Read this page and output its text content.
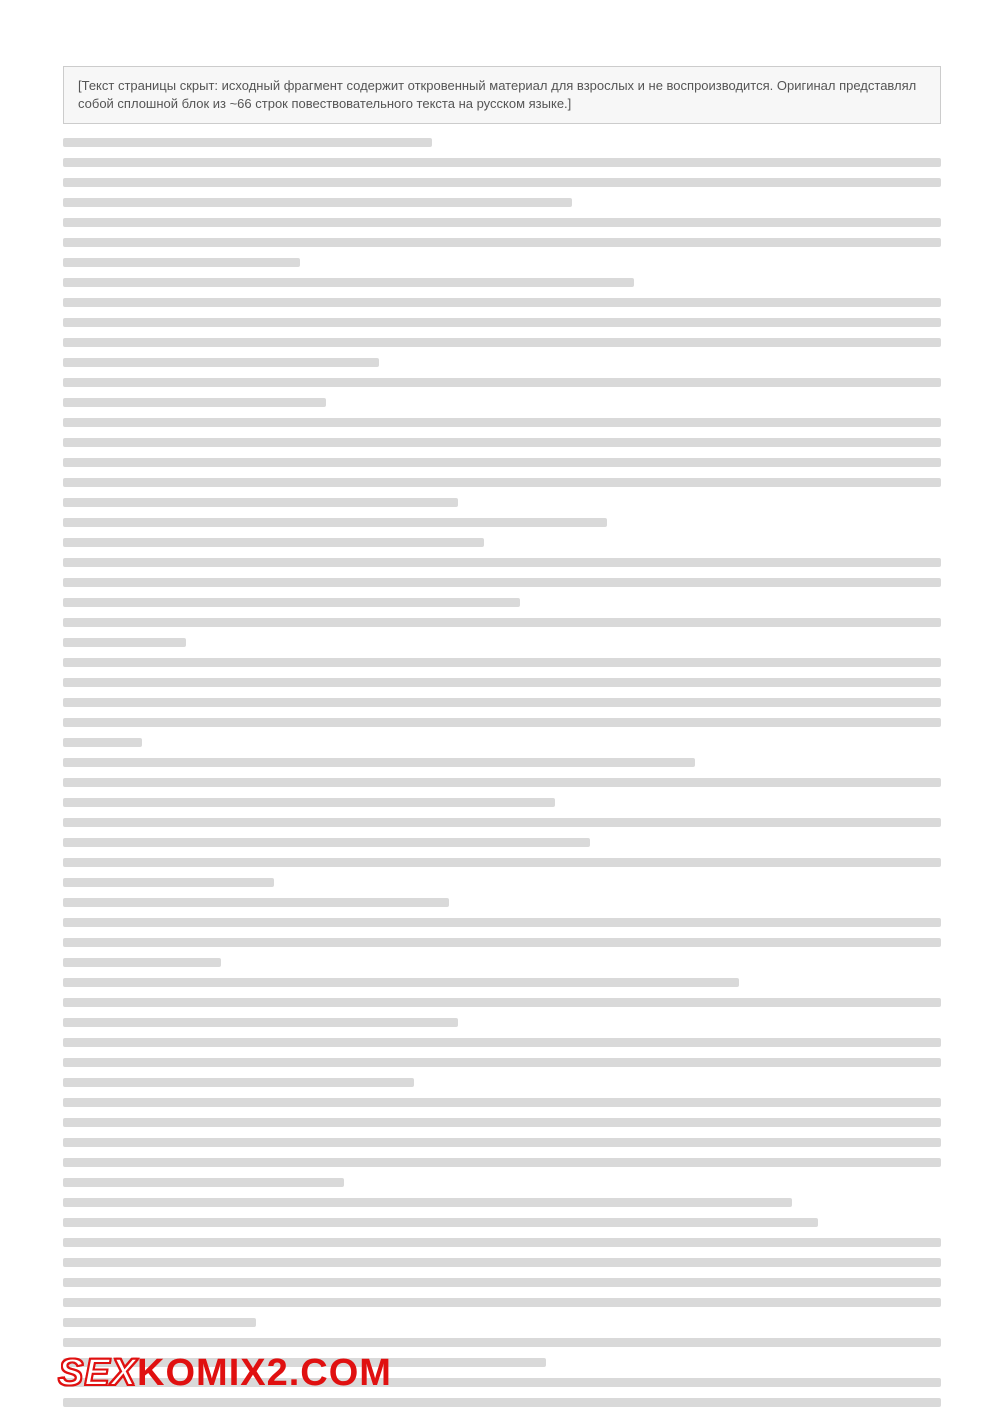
[Текст страницы скрыт: исходный фрагмент содержит откровенный материал для взрослых и не воспроизводится. Оригинал представлял собой сплошной блок из ~66 строк повествовательного текста на русском языке.]
SEX KOMIX2.COM
